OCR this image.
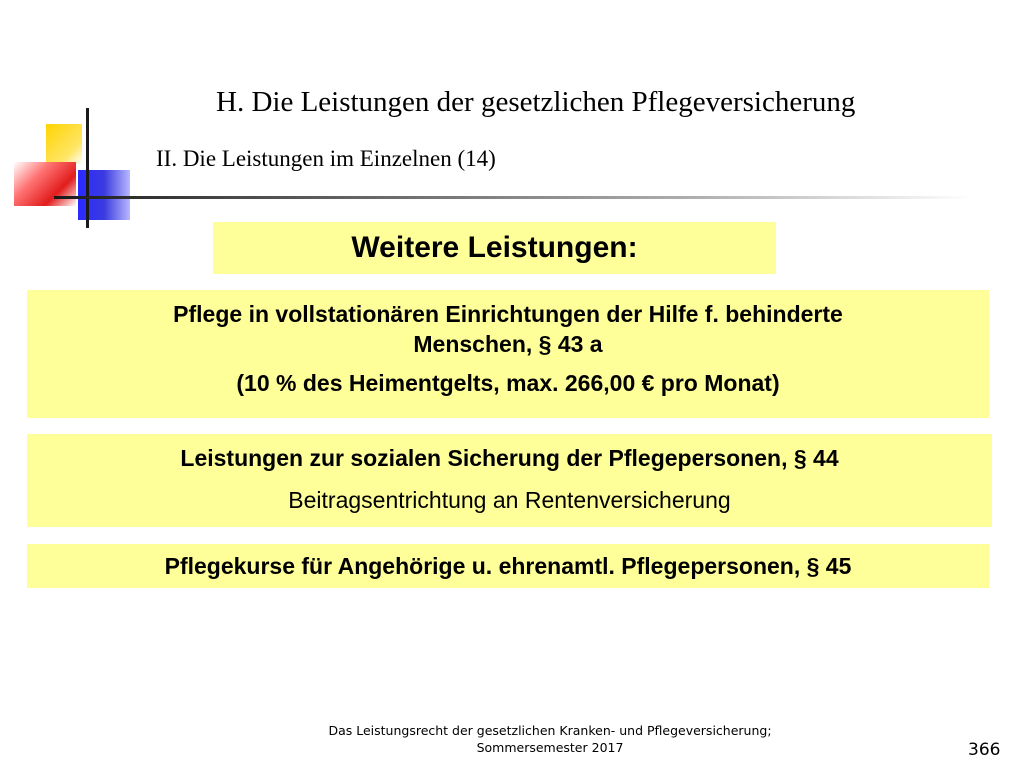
H. Die Leistungen der gesetzlichen Pflegeversicherung
II. Die Leistungen im Einzelnen (14)
Weitere Leistungen:
Pflege in vollstationären Einrichtungen der Hilfe f. behinderte
Menschen, § 43 a
(10 % des Heimentgelts, max. 266,00 € pro Monat)
Leistungen zur sozialen Sicherung der Pflegepersonen, § 44
Beitragsentrichtung an Rentenversicherung
Pflegekurse für Angehörige u. ehrenamtl. Pflegepersonen, § 45
Das Leistungsrecht der gesetzlichen Kranken- und Pflegeversicherung;
Sommersemester 2017	366
